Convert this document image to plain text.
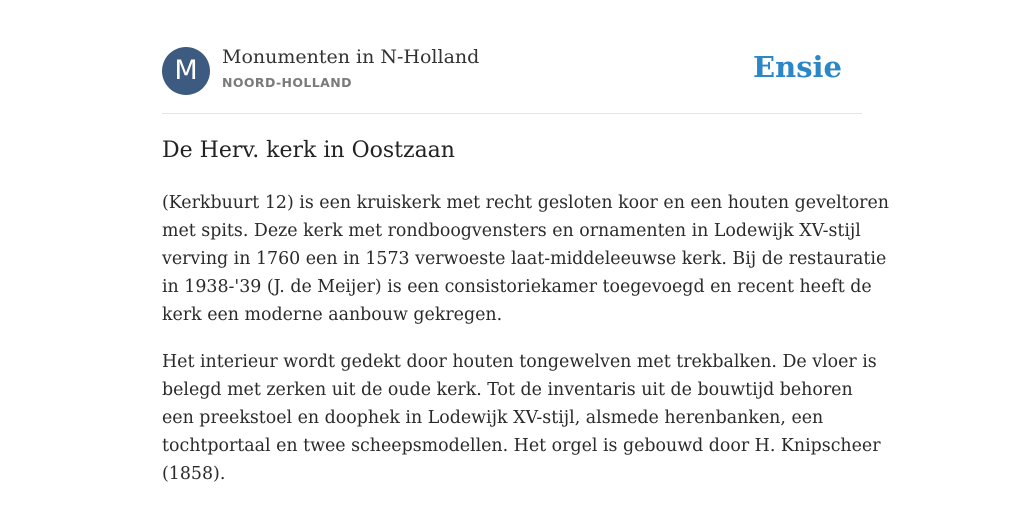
M	Monumenten in N-Holland
NOORD-HOLLAND	Ensie
De Herv. kerk in Oostzaan

(Kerkbuurt 12) is een kruiskerk met recht gesloten koor en een houten geveltoren
met spits. Deze kerk met rondboogvensters en ornamenten in Lodewijk XV-stijl
verving in 1760 een in 1573 verwoeste laat-middeleeuwse kerk. Bij de restauratie
in 1938-'39 (J. de Meijer) is een consistoriekamer toegevoegd en recent heeft de
kerk een moderne aanbouw gekregen.

Het interieur wordt gedekt door houten tongewelven met trekbalken. De vloer is
belegd met zerken uit de oude kerk. Tot de inventaris uit de bouwtijd behoren
een preekstoel en doophek in Lodewijk XV-stijl, alsmede herenbanken, een
tochtportaal en twee scheepsmodellen. Het orgel is gebouwd door H. Knipscheer
(1858).
